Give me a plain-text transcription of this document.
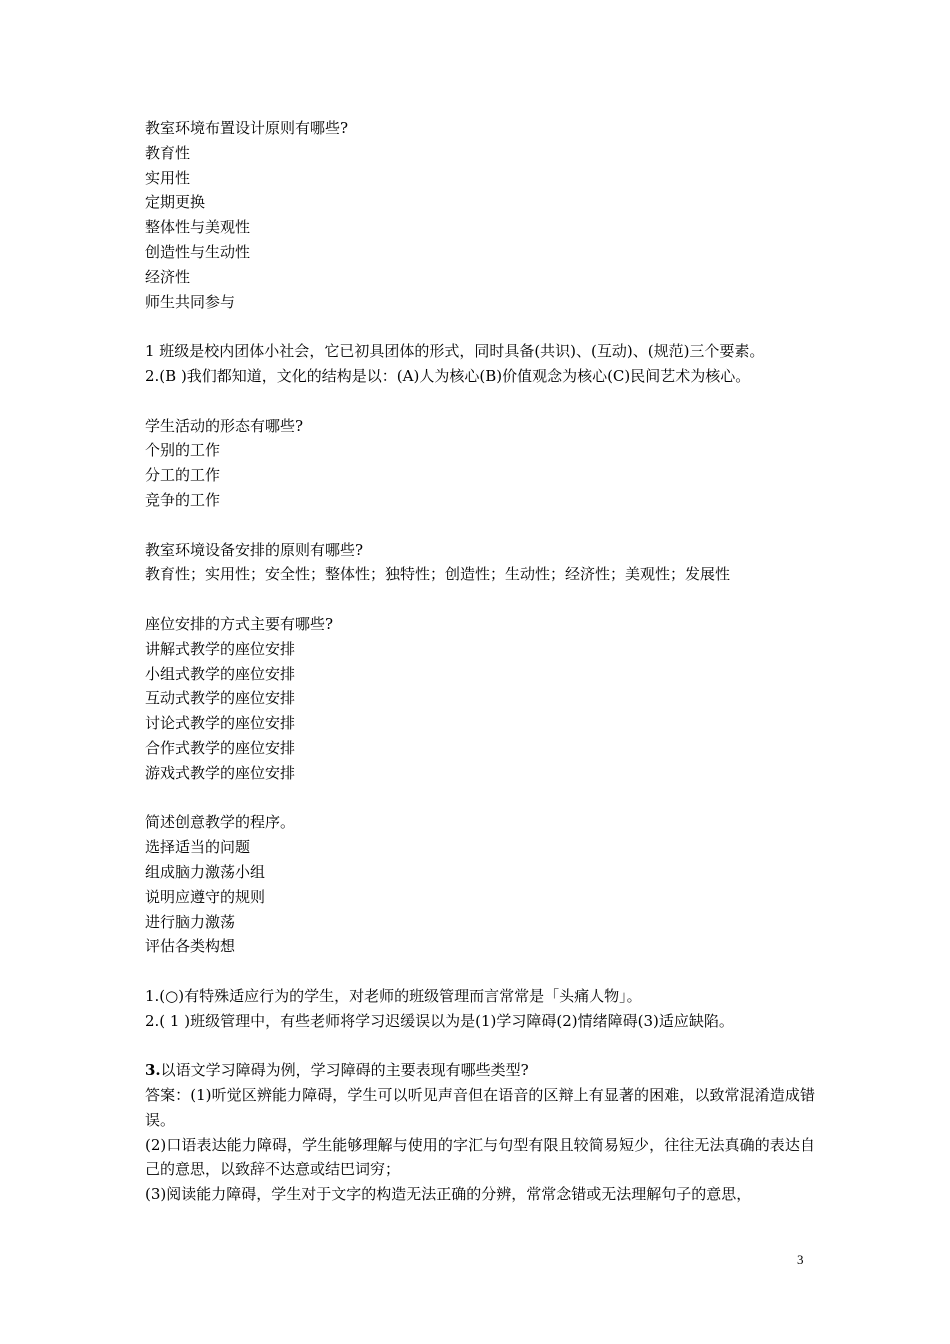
教室环境布置设计原则有哪些?
教育性
实用性
定期更换
整体性与美观性
创造性与生动性
经济性
师生共同参与
1 班级是校内团体小社会，它已初具团体的形式，同时具备(共识)、(互动)、(规范)三个要素。
2.(B )我们都知道，文化的结构是以：(A)人为核心(B)价值观念为核心(C)民间艺术为核心。
学生活动的形态有哪些?
个别的工作
分工的工作
竞争的工作
教室环境设备安排的原则有哪些?
教育性；实用性；安全性；整体性；独特性；创造性；生动性；经济性；美观性；发展性
座位安排的方式主要有哪些?
讲解式教学的座位安排
小组式教学的座位安排
互动式教学的座位安排
讨论式教学的座位安排
合作式教学的座位安排
游戏式教学的座位安排
简述创意教学的程序。
选择适当的问题
组成脑力激荡小组
说明应遵守的规则
进行脑力激荡
评估各类构想
1.(○)有特殊适应行为的学生，对老师的班级管理而言常常是「头痛人物」。
2.( 1 )班级管理中，有些老师将学习迟缓误以为是(1)学习障碍(2)情绪障碍(3)适应缺陷。
3.以语文学习障碍为例，学习障碍的主要表现有哪些类型?
答案：(1)听觉区辨能力障碍，学生可以听见声音但在语音的区辩上有显著的困难，以致常混淆造成错误。
(2)口语表达能力障碍，学生能够理解与使用的字汇与句型有限且较简易短少，往往无法真确的表达自己的意思，以致辞不达意或结巴词穷；
(3)阅读能力障碍，学生对于文字的构造无法正确的分辨，常常念错或无法理解句子的意思，
3
